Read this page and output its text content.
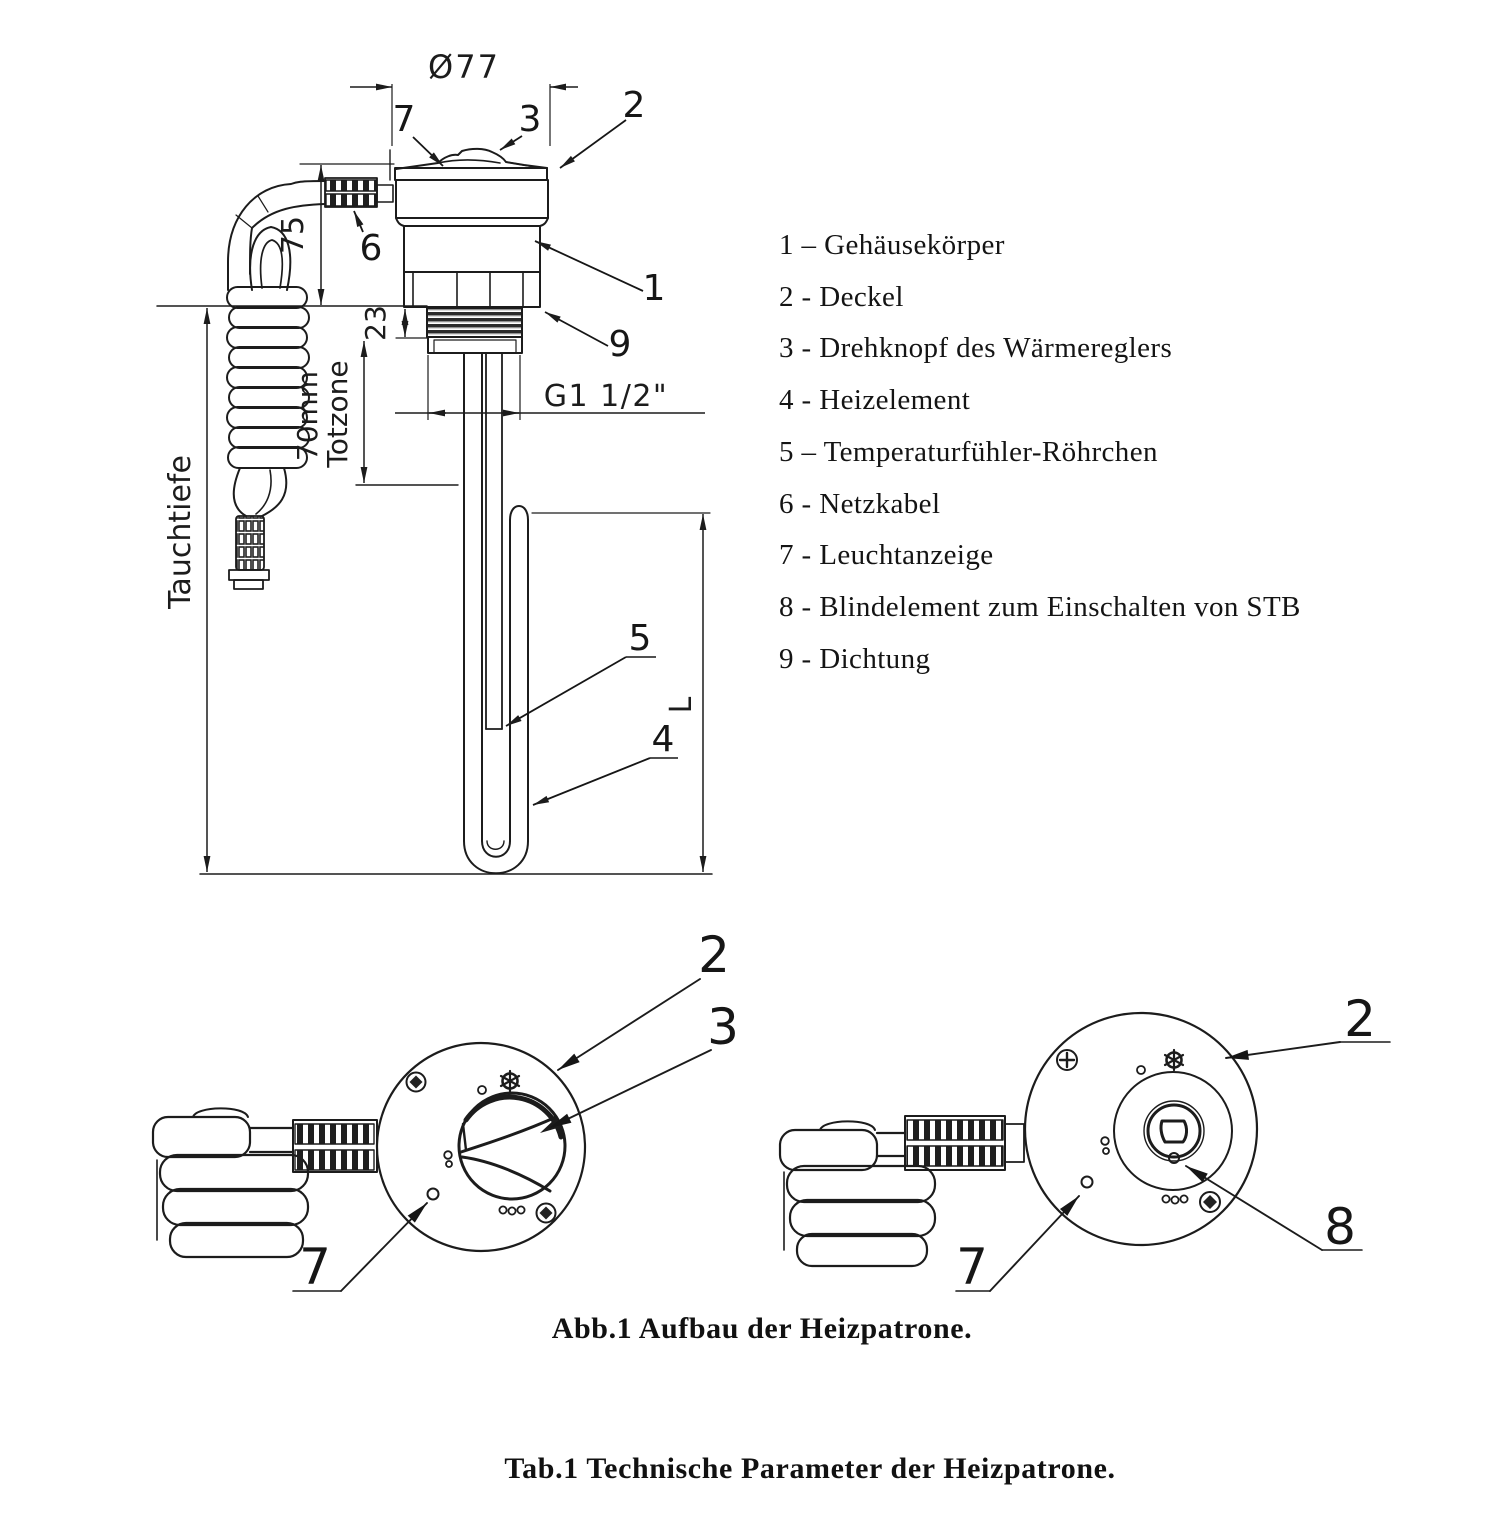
Ø77
75
23
70mm
Totzone
Tauchtiefe
G1 1/2"
L
7	3 2
6
1
9
5
4
2
3
7
2
8
7
1 – Gehäusekörper
2 - Deckel
3 - Drehknopf des Wärmereglers
4 - Heizelement
5 – Temperaturfühler-Röhrchen
6 - Netzkabel
7 - Leuchtanzeige
8 - Blindelement zum Einschalten von STB
9 - Dichtung
Abb.1 Aufbau der Heizpatrone.
Tab.1 Technische Parameter der Heizpatrone.
